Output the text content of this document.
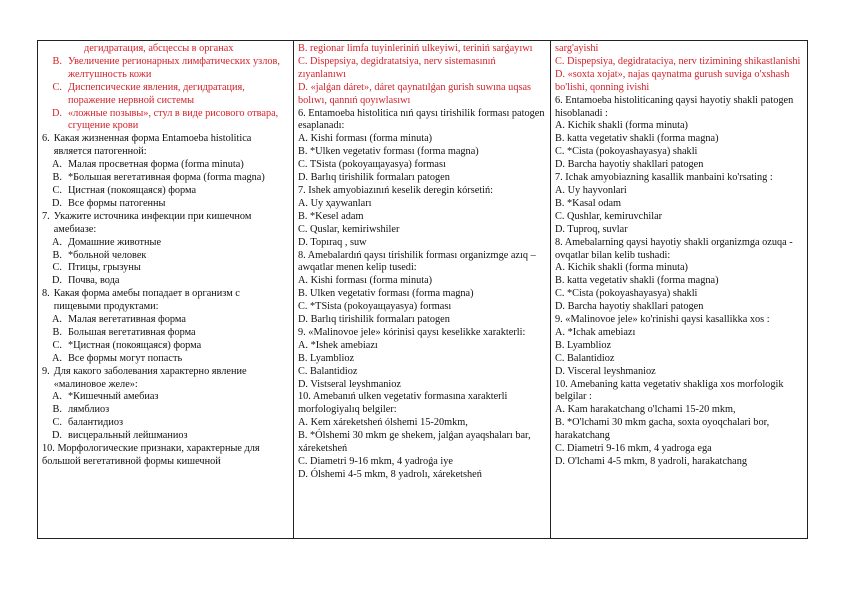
дегидратация, абсцессы в органах
B. Увеличение регионарных лимфатических узлов, желтушность кожи
C. Диспепсические явления, дегидратация, поражение нервной системы
D. «ложные позывы», стул в виде рисового отвара, сгущение крови
6. Какая жизненная форма Entamoeba histolitica является патогенной:
A. Малая просветная форма (forma minuta)
B. *Большая вегетативная форма (forma magna)
C. Цистная (покоящаяся) форма
D. Все формы патогенны
7. Укажите источника инфекции при кишечном амебиазе:
A. Домашние животные
B. *больной человек
C. Птицы, грызуны
D. Почва, вода
8. Какая форма амебы попадает в организм с пищевыми продуктами:
A. Малая вегетативная форма
B. Большая вегетативная форма
C. *Цистная (покоящаяся) форма
A. Все формы могут попасть
9. Для какого заболевания характерно явление «малиновое желе»:
A. *Кишечный амебиаз
B. лямблиоз
C. балантидиоз
D. висцеральный лейшманиоз
10. Морфологические признаки, характерные для большой вегетативной формы кишечной
B. regionar limfa tuyinleriniń ulkeyiwi, teriniń sarǵayıwı
C. Dispepsiya, degidratatsiya, nerv sistemasınıń zıyanlanıwı
D. «jalǵan dáret», dáret qaynatılǵan gurish suwına uqsas bolıwı, qannıń qoyıwlasıwı
6. Entamoeba histolitica nıń qaysı tirishilik forması patogen esaplanadı:
A. Kishi forması (forma minuta)
B. *Ulken vegetativ forması (forma magna)
C. TSista (pokoyaщayasya) forması
D. Barlıq tirishilik formaları patogen
7. Ishek amyobiazınıń keselik deregin kórsetiń:
A. Uy ҳaywanları
B. *Kesel adam
C. Quslar, kemiriwshiler
D. Topıraq , suw
8. Amebalardıń qaysı tirishilik forması organizmge azıq – awqatlar menen kelip tusedi:
A. Kishi forması (forma minuta)
B. Ulken vegetativ forması (forma magna)
C. *TSista (pokoyaщayasya) forması
D. Barlıq tirishilik formaları patogen
9. «Malinovoe jele» kórinisi qaysı keselikke xarakterli:
A. *Ishek amebiazı
B. Lyamblioz
C. Balantidioz
D. Vistseral leyshmanioz
10. Amebanıń ulken vegetativ formasına xarakterli morfologiyalıq belgiler:
A. Kem xáreketsheń ólshemi 15-20mkm,
B. *Ólshemi 30 mkm ge shekem, jalǵan ayaqshaları bar, xáreketsheń
C. Diametri 9-16 mkm, 4 yadroǵa iye
D. Ólshemi 4-5 mkm, 8 yadrolı, xáreketsheń
sarg'ayishi
C. Dispepsiya, degidrataciya, nerv tizimining shikastlanishi
D. «soxta xojat», najas qaynatma gurush suviga o'xshash bo'lishi, qonning ivishi
6. Entamoeba histoliticaning qaysi hayotiy shakli patogen hisoblanadi :
A. Kichik shakli (forma minuta)
B. katta vegetativ shakli (forma magna)
C. *Cista (pokoyashayasya) shakli
D. Barcha hayotiy shakllari patogen
7. Ichak amyobiazning kasallik manbaini ko'rsating :
A. Uy hayvonlari
B. *Kasal odam
C. Qushlar, kemiruvchilar
D. Tuproq, suvlar
8. Amebalarning qaysi hayotiy shakli organizmga ozuqa - ovqatlar bilan kelib tushadi:
A. Kichik shakli (forma minuta)
B. katta vegetativ shakli (forma magna)
C. *Cista (pokoyashayasya) shakli
D. Barcha hayotiy shakllari patogen
9. «Malinovoe jele» ko'rinishi qaysi kasallikka xos :
A. *Ichak amebiazı
B. Lyamblioz
C. Balantidioz
D. Visceral leyshmanioz
10. Amebaning katta vegetativ shakliga xos morfologik belgilar :
A. Kam harakatchang o'lchami 15-20 mkm,
B. *O'lchami 30 mkm gacha, soxta oyoqchalari bor, harakatchang
C. Diametri 9-16 mkm, 4 yadroga ega
D. O'lchami 4-5 mkm, 8 yadroli, harakatchang
